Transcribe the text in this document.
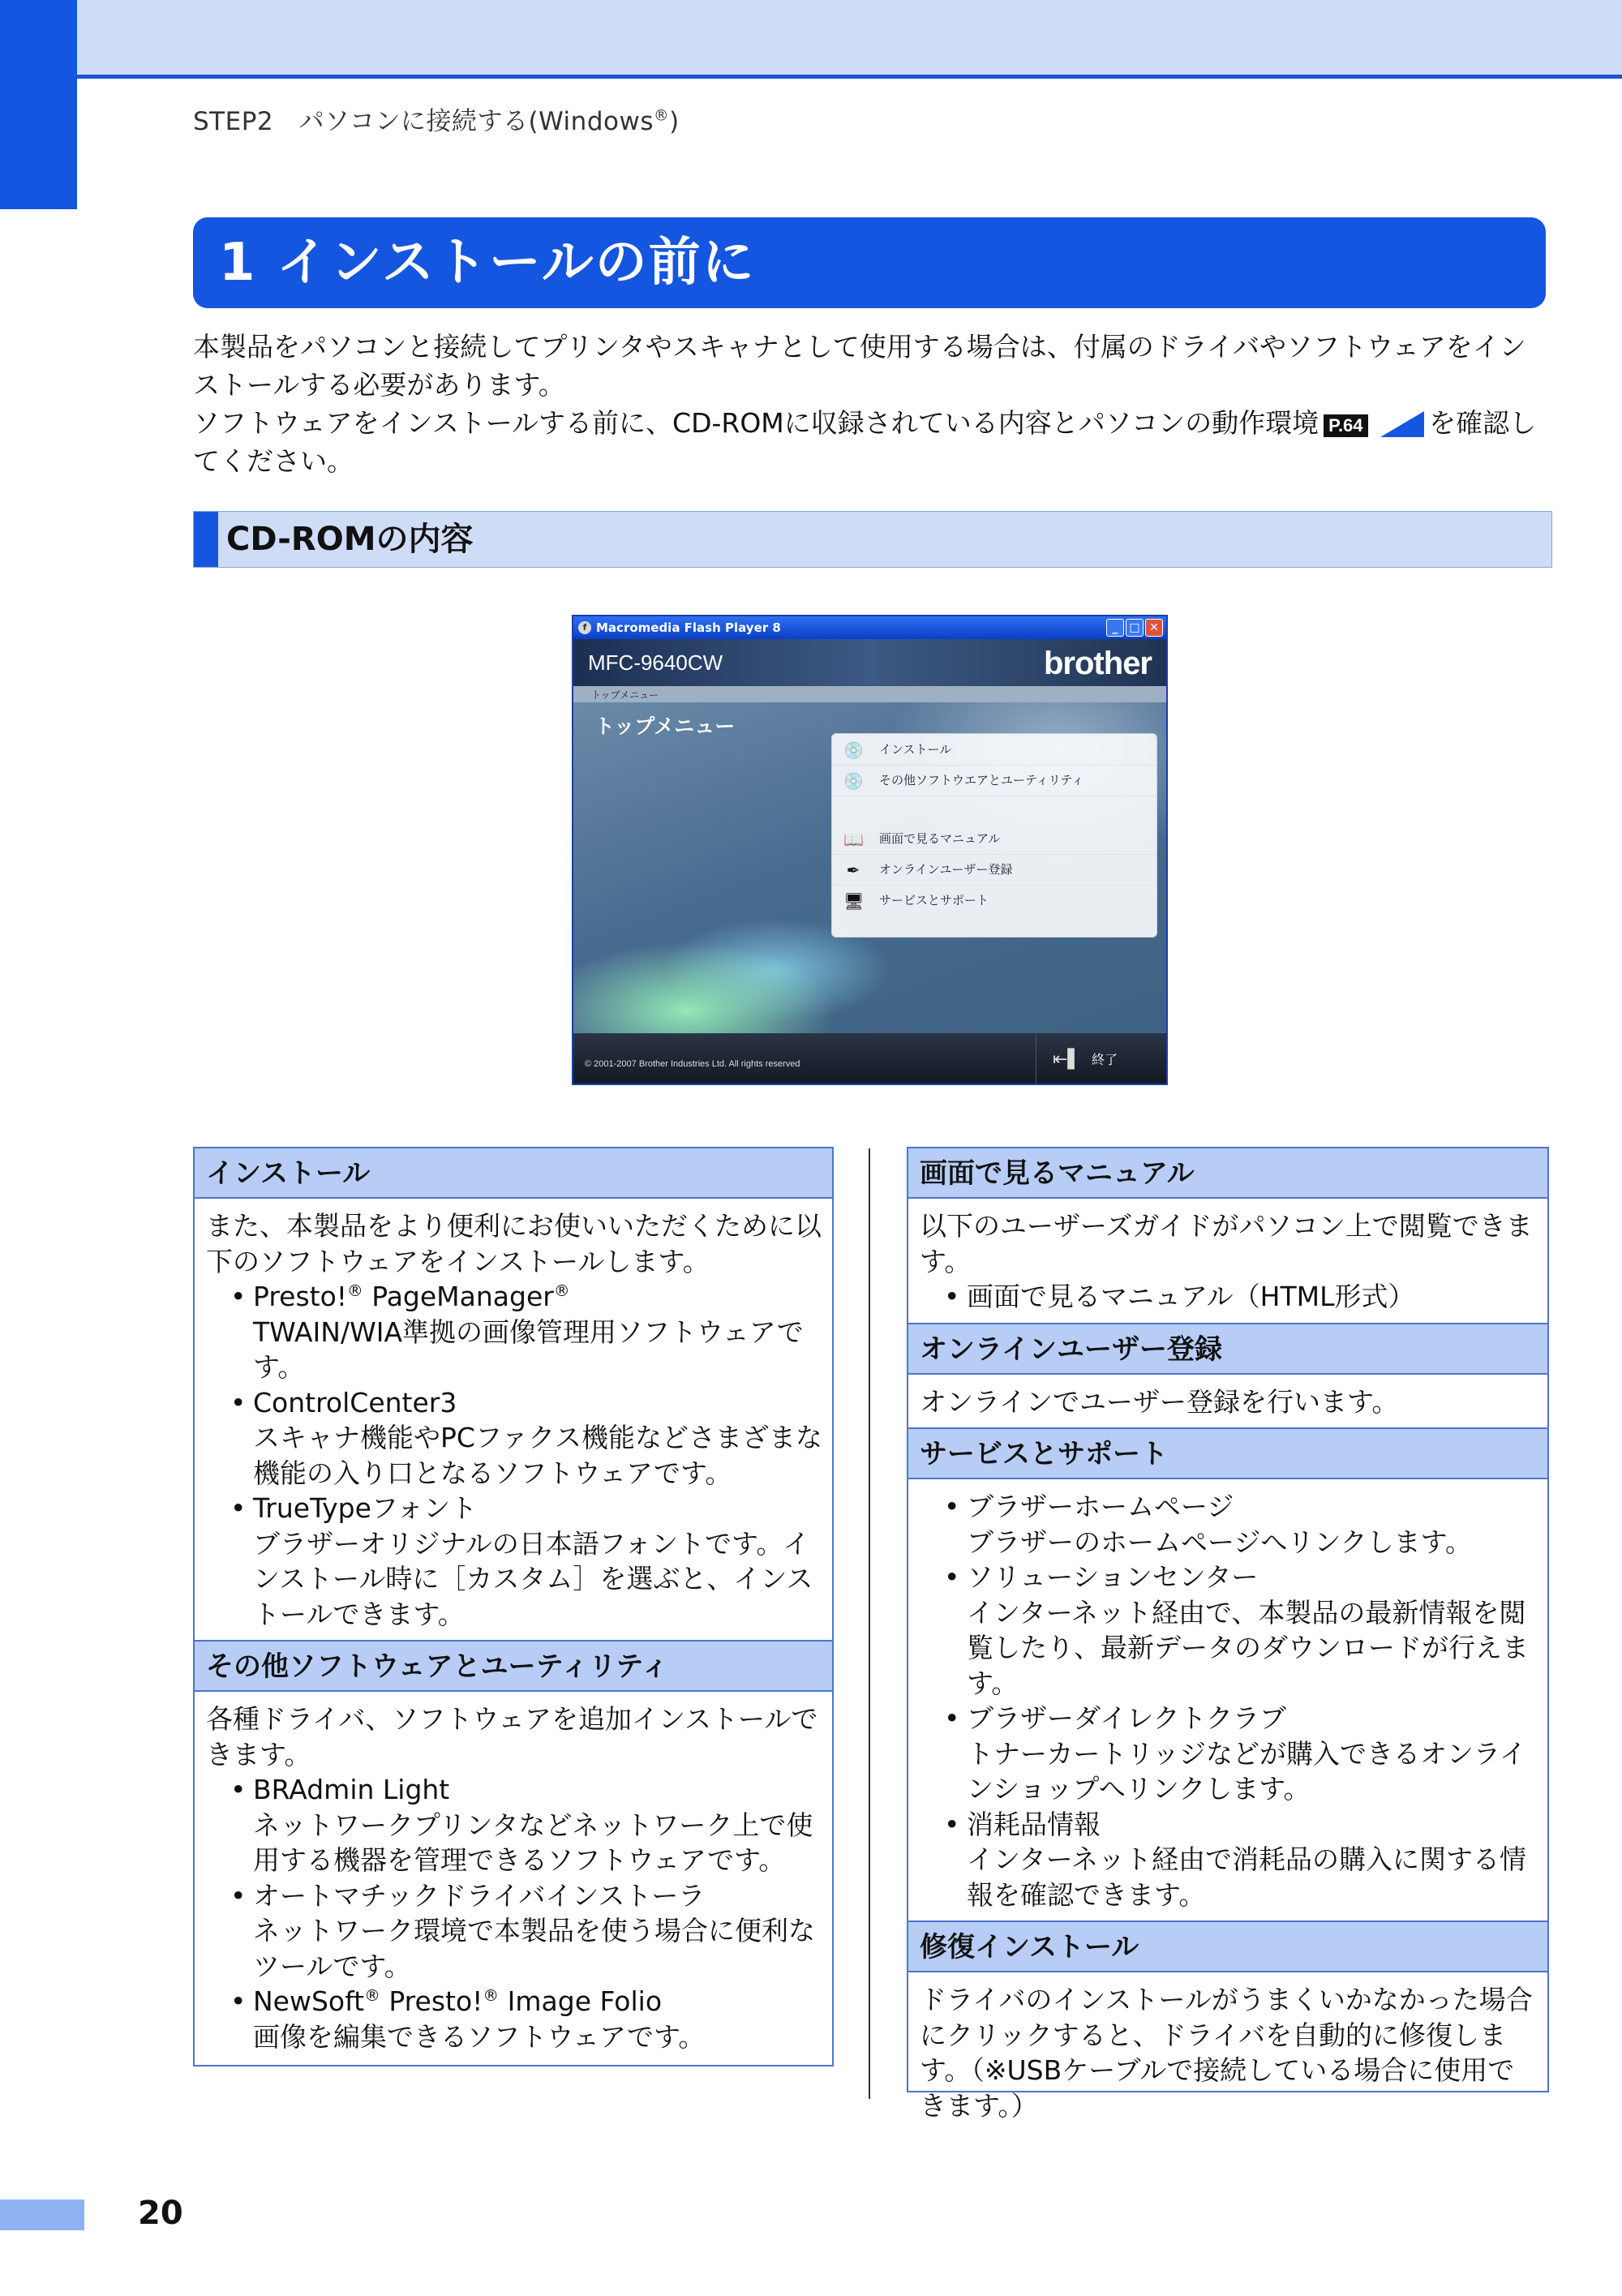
STEP2　パソコンに接続する(Windows®)
1 インストールの前に

本製品をパソコンと接続してプリンタやスキャナとして使用する場合は、付属のドライバやソフトウェアをインストールする必要があります。

ソフトウェアをインストールする前に、CD-ROMに収録されている内容とパソコンの動作環境 P.64 を確認してください。

CD-ROMの内容
f Macromedia Flash Player 8	_ □ ✕
MFC-9640CW	brother
トップメニュー
トップメニュー
💿 インストール
💿 その他ソフトウエアとユーティリティ
📖 画面で見るマニュアル
✒ オンラインユーザー登録
🖥 サービスとサポート
© 2001-2007 Brother Industries Ltd. All rights reserved	⇤▌ 終了
インストール

また、本製品をより便利にお使いいただくために以下のソフトウェアをインストールします。

• Presto!® PageManager®
TWAIN/WIA準拠の画像管理用ソフトウェアです。
• ControlCenter3
スキャナ機能やPCファクス機能などさまざまな機能の入り口となるソフトウェアです。
• TrueTypeフォント
ブラザーオリジナルの日本語フォントです。インストール時に［カスタム］を選ぶと、インストールできます。
その他ソフトウェアとユーティリティ

各種ドライバ、ソフトウェアを追加インストールできます。

• BRAdmin Light
ネットワークプリンタなどネットワーク上で使用する機器を管理できるソフトウェアです。
• オートマチックドライバインストーラ
ネットワーク環境で本製品を使う場合に便利なツールです。
• NewSoft® Presto!® Image Folio
画像を編集できるソフトウェアです。
画面で見るマニュアル

以下のユーザーズガイドがパソコン上で閲覧できます。

• 画面で見るマニュアル（HTML形式）
オンラインユーザー登録

オンラインでユーザー登録を行います。

サービスとサポート
• ブラザーホームページ
ブラザーのホームページへリンクします。
• ソリューションセンター
インターネット経由で、本製品の最新情報を閲覧したり、最新データのダウンロードが行えます。
• ブラザーダイレクトクラブ
トナーカートリッジなどが購入できるオンラインショップへリンクします。
• 消耗品情報
インターネット経由で消耗品の購入に関する情報を確認できます。
修復インストール

ドライバのインストールがうまくいかなかった場合にクリックすると、ドライバを自動的に修復します。（※USBケーブルで接続している場合に使用できます。）

20
